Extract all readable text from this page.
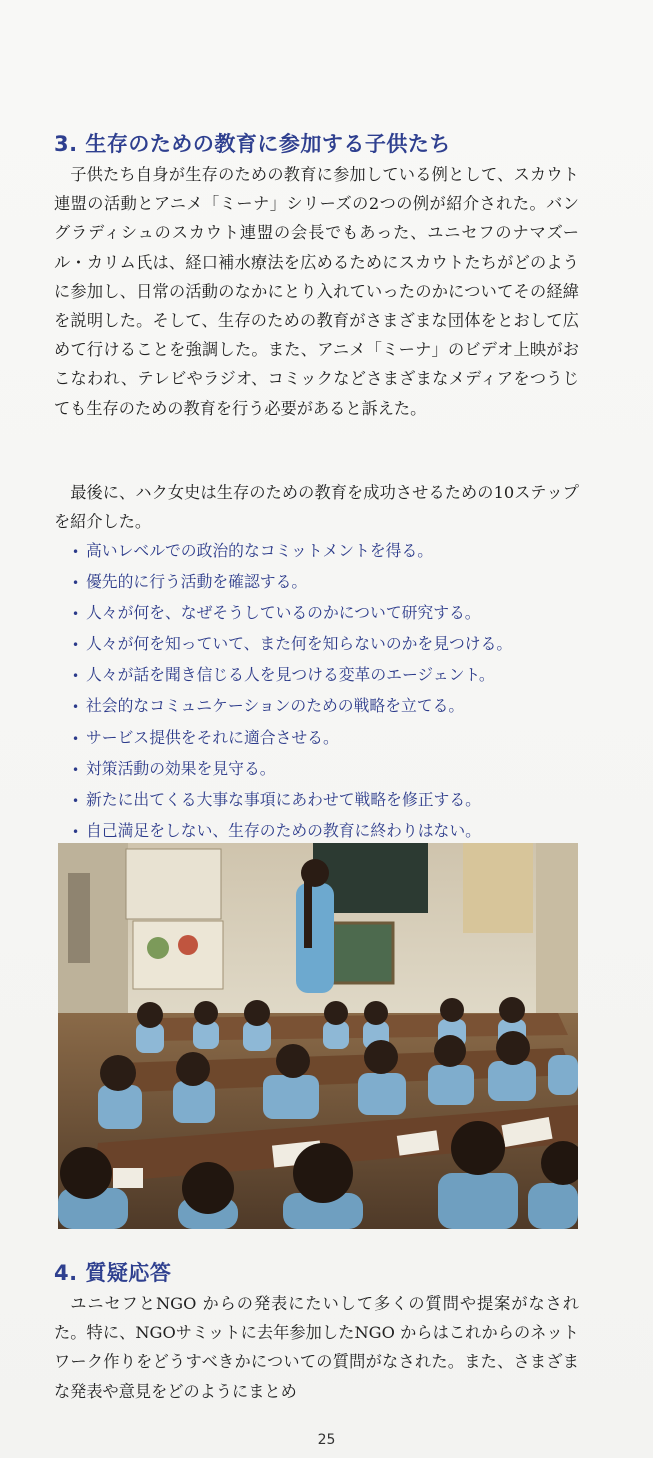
3. 生存のための教育に参加する子供たち

子供たち自身が生存のための教育に参加している例として、スカウト連盟の活動とアニメ「ミーナ」シリーズの2つの例が紹介された。バングラディシュのスカウト連盟の会長でもあった、ユニセフのナマズール・カリム氏は、経口補水療法を広めるためにスカウトたちがどのように参加し、日常の活動のなかにとり入れていったのかについてその経緯を説明した。そして、生存のための教育がさまざまな団体をとおして広めて行けることを強調した。また、アニメ「ミーナ」のビデオ上映がおこなわれ、テレビやラジオ、コミックなどさまざまなメディアをつうじても生存のための教育を行う必要があると訴えた。

最後に、ハク女史は生存のための教育を成功させるための10ステップを紹介した。

• 高いレベルでの政治的なコミットメントを得る。
• 優先的に行う活動を確認する。
• 人々が何を、なぜそうしているのかについて研究する。
• 人々が何を知っていて、また何を知らないのかを見つける。
• 人々が話を聞き信じる人を見つける変革のエージェント。
• 社会的なコミュニケーションのための戦略を立てる。
• サービス提供をそれに適合させる。
• 対策活動の効果を見守る。
• 新たに出てくる大事な事項にあわせて戦略を修正する。
• 自己満足をしない、生存のための教育に終わりはない。
4. 質疑応答

ユニセフとNGO からの発表にたいして多くの質問や提案がなされた。特に、NGOサミットに去年参加したNGO からはこれからのネットワーク作りをどうすべきかについての質問がなされた。また、さまざまな発表や意見をどのようにまとめ

25
